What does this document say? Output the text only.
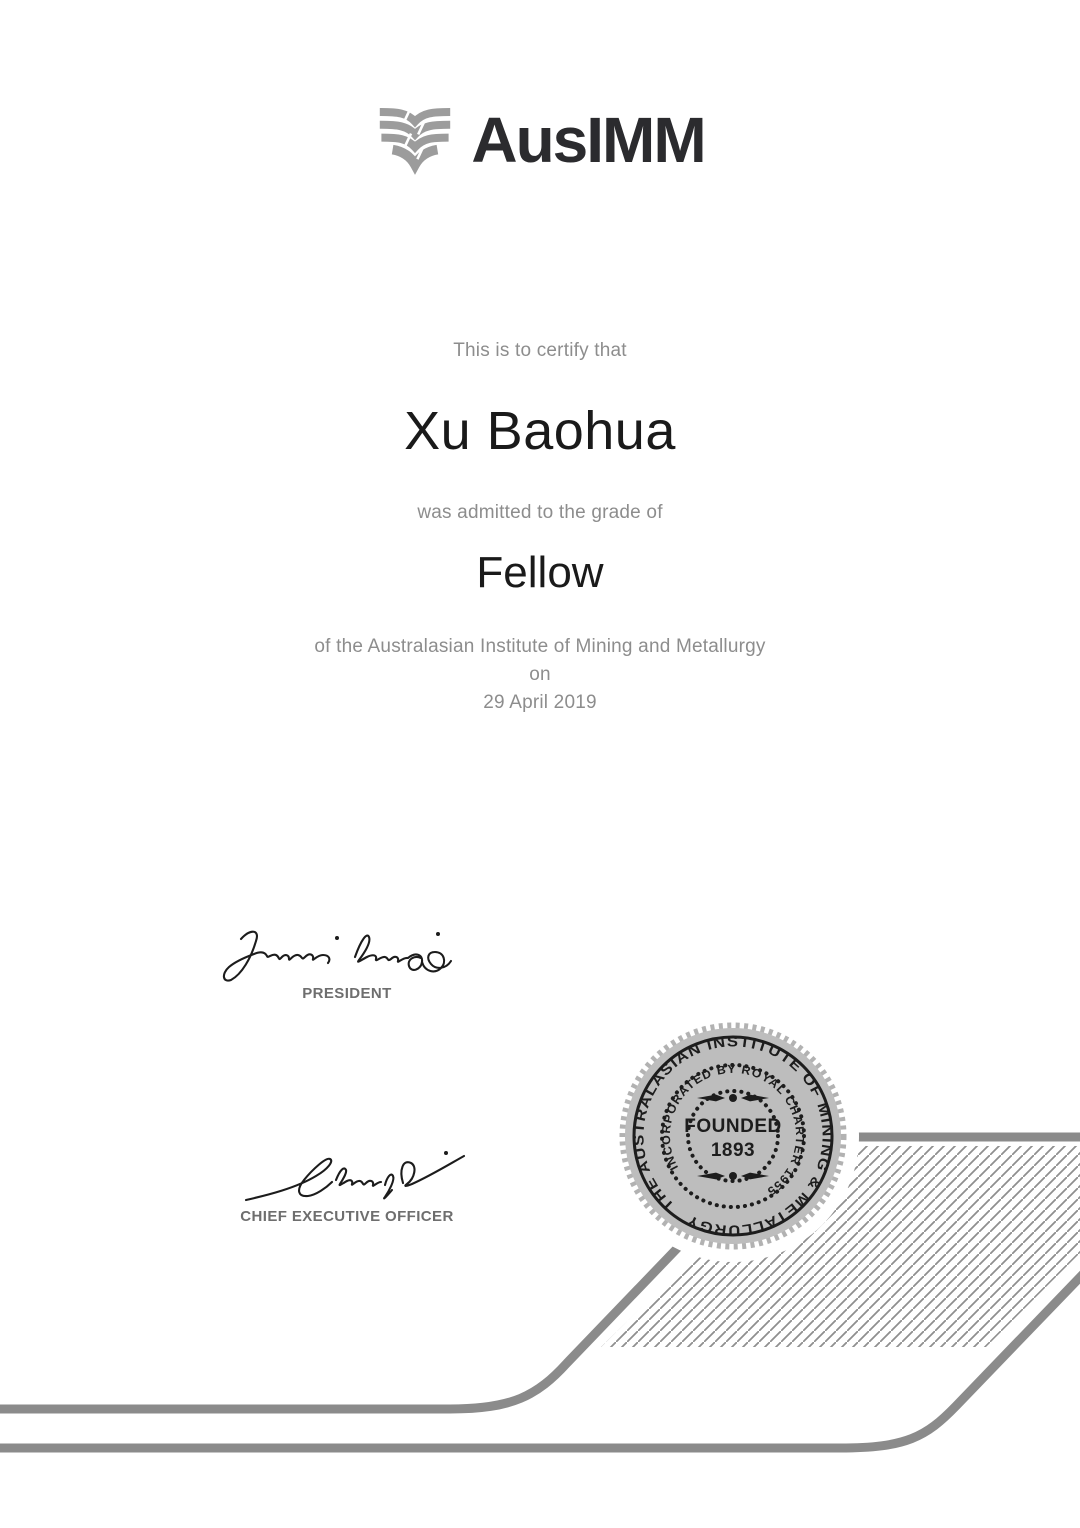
THE AUSTRALASIAN INSTITUTE OF MINING & METALLURGY
INCORPORATED BY ROYAL CHARTER 1955
FOUNDED
1893
AusIMM
This is to certify that
Xu Baohua
was admitted to the grade of
Fellow
of the Australasian Institute of Mining and Metallurgy
on
29 April 2019
PRESIDENT
CHIEF EXECUTIVE OFFICER
